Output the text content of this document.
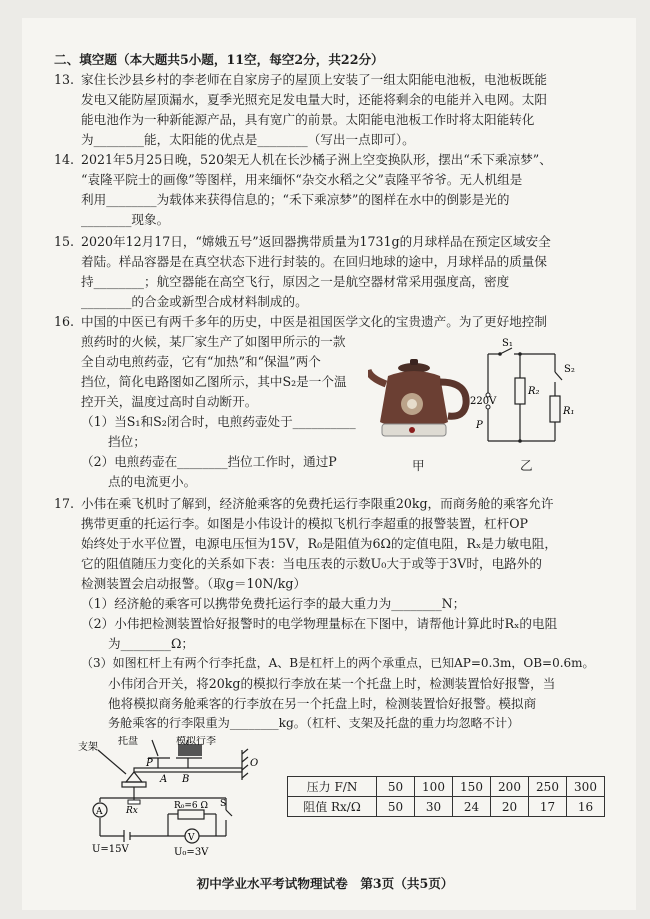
二、填空题（本大题共5小题，11空，每空2分，共22分）
13. 家住长沙县乡村的李老师在自家房子的屋顶上安装了一组太阳能电池板，电池板既能
发电又能防屋顶漏水，夏季光照充足发电量大时，还能将剩余的电能并入电网。太阳
能电池作为一种新能源产品，具有宽广的前景。太阳能电池板工作时将太阳能转化
为________能，太阳能的优点是________（写出一点即可）。
14. 2021年5月25日晚，520架无人机在长沙橘子洲上空变换队形，摆出“禾下乘凉梦”、
“袁隆平院士的画像”等图样，用来缅怀“杂交水稻之父”袁隆平爷爷。无人机组是
利用________为载体来获得信息的；“禾下乘凉梦”的图样在水中的倒影是光的
________现象。
15. 2020年12月17日，“嫦娥五号”返回器携带质量为1731g的月球样品在预定区域安全
着陆。样品容器是在真空状态下进行封装的。在回归地球的途中，月球样品的质量保
持________；航空器能在高空飞行，原因之一是航空器材常采用强度高，密度
________的合金或新型合成材料制成的。
16. 中国的中医已有两千多年的历史，中医是祖国医学文化的宝贵遗产。为了更好地控制
煎药时的火候，某厂家生产了如图甲所示的一款
全自动电煎药壶，它有“加热”和“保温”两个
挡位，简化电路图如乙图所示，其中S₂是一个温
控开关，温度过高时自动断开。
（1）当S₁和S₂闭合时，电煎药壶处于__________
挡位；
（2）电煎药壶在________挡位工作时，通过P
点的电流更小。
甲
S₁
S₂
R₂
R₁
220V
P
乙
17. 小伟在乘飞机时了解到，经济舱乘客的免费托运行李限重20kg，而商务舱的乘客允许
携带更重的托运行李。如图是小伟设计的模拟飞机行李超重的报警装置，杠杆OP
始终处于水平位置，电源电压恒为15V，R₀是阻值为6Ω的定值电阻，Rₓ是力敏电阻，
它的阻值随压力变化的关系如下表：当电压表的示数U₀大于或等于3V时，电路外的
检测装置会启动报警。（取g＝10N/kg）
（1）经济舱的乘客可以携带免费托运行李的最大重力为________N；
（2）小伟把检测装置恰好报警时的电学物理量标在下图中，请帮他计算此时Rₓ的电阻
为________Ω；
（3）如图杠杆上有两个行李托盘，A、B是杠杆上的两个承重点，已知AP=0.3m，OB=0.6m。
小伟闭合开关，将20kg的模拟行李放在某一个托盘上时，检测装置恰好报警，当
他将模拟商务舱乘客的行李放在另一个托盘上时，检测装置恰好报警。模拟商
务舱乘客的行李限重为________kg。（杠杆、支架及托盘的重力均忽略不计）
托盘	模拟行李
支架
P
A B
O
Rx	R₀=6 Ω S
A
V
U=15V	U₀=3V
压力 F/N	50	100	150	200	250	300
阻值 Rx/Ω	50	30	24	20	17	16
初中学业水平考试物理试卷　第3页（共5页）
